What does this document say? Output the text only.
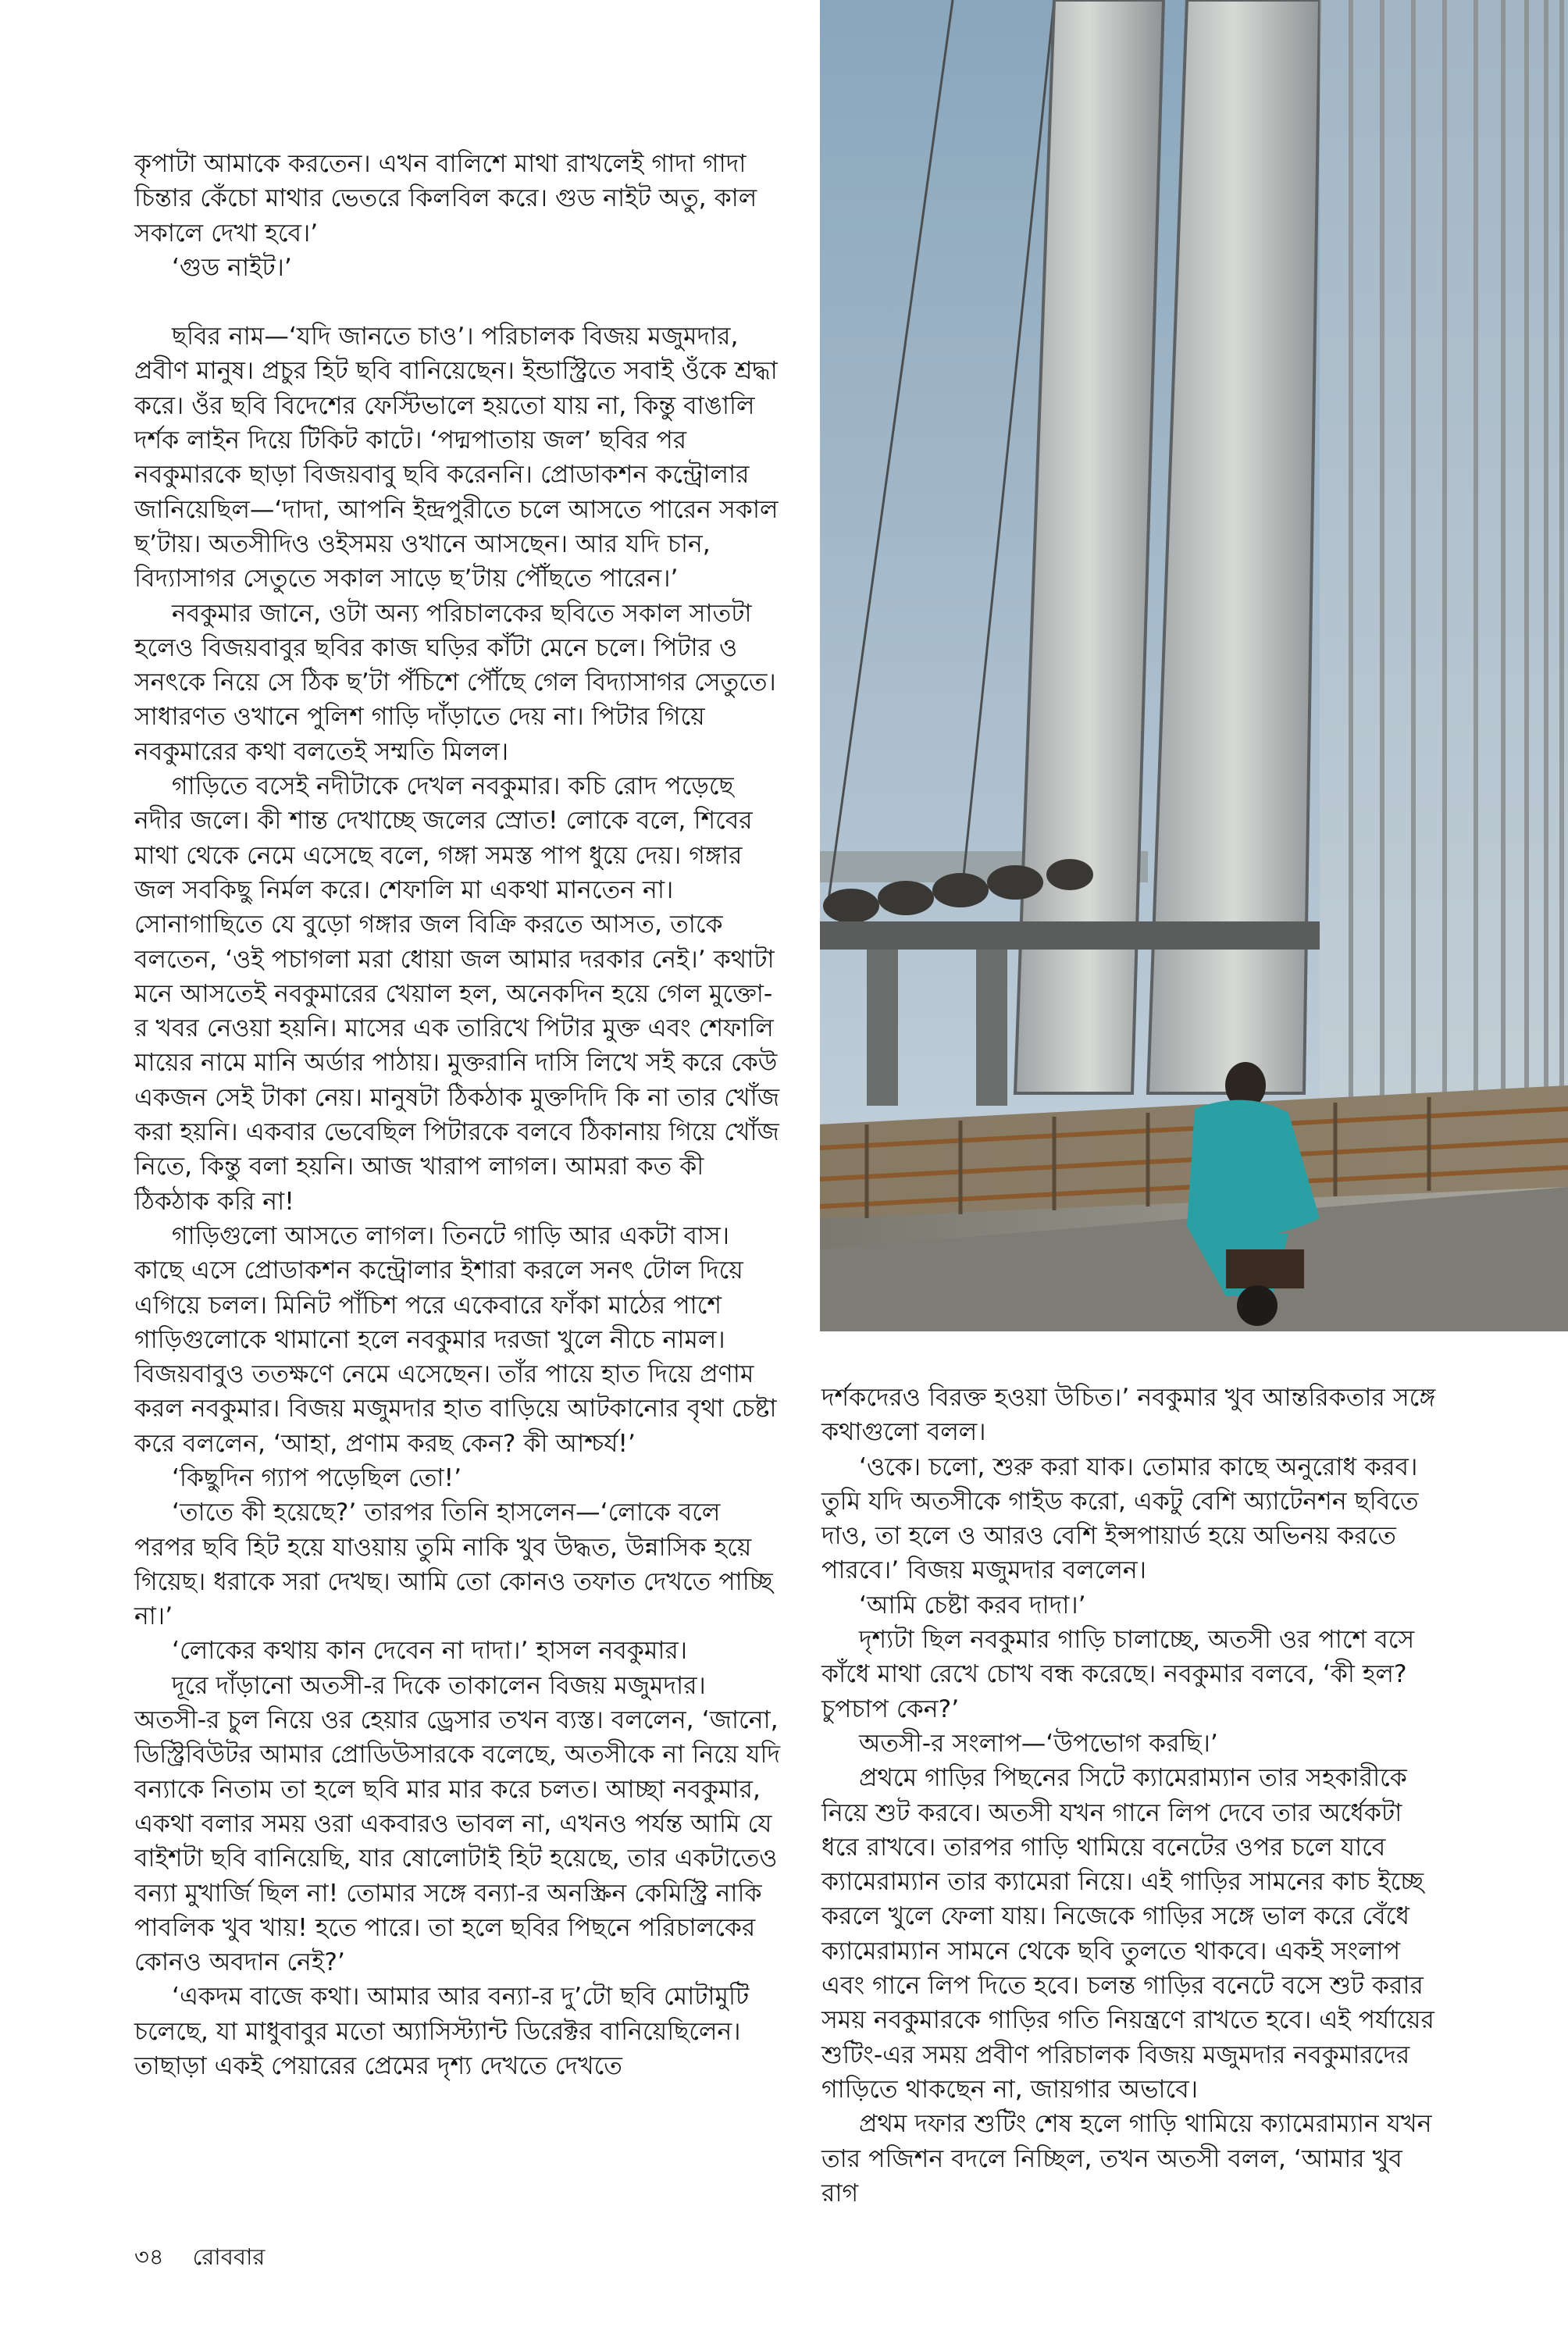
কৃপাটা আমাকে করতেন। এখন বালিশে মাথা রাখলেই গাদা গাদা চিন্তার কেঁচো মাথার ভেতরে কিলবিল করে। গুড নাইট অতু, কাল সকালে দেখা হবে।’

‘গুড নাইট।’

ছবির নাম—‘যদি জানতে চাও’। পরিচালক বিজয় মজুমদার, প্রবীণ মানুষ। প্রচুর হিট ছবি বানিয়েছেন। ইন্ডাস্ট্রিতে সবাই ওঁকে শ্রদ্ধা করে। ওঁর ছবি বিদেশের ফেস্টিভালে হয়তো যায় না, কিন্তু বাঙালি দর্শক লাইন দিয়ে টিকিট কাটে। ‘পদ্মপাতায় জল’ ছবির পর নবকুমারকে ছাড়া বিজয়বাবু ছবি করেননি। প্রোডাকশন কন্ট্রোলার জানিয়েছিল—‘দাদা, আপনি ইন্দ্রপুরীতে চলে আসতে পারেন সকাল ছ’টায়। অতসীদিও ওইসময় ওখানে আসছেন। আর যদি চান, বিদ্যাসাগর সেতুতে সকাল সাড়ে ছ’টায় পৌঁছতে পারেন।’

নবকুমার জানে, ওটা অন্য পরিচালকের ছবিতে সকাল সাতটা হলেও বিজয়বাবুর ছবির কাজ ঘড়ির কাঁটা মেনে চলে। পিটার ও সনৎকে নিয়ে সে ঠিক ছ’টা পঁচিশে পৌঁছে গেল বিদ্যাসাগর সেতুতে। সাধারণত ওখানে পুলিশ গাড়ি দাঁড়াতে দেয় না। পিটার গিয়ে নবকুমারের কথা বলতেই সম্মতি মিলল।

গাড়িতে বসেই নদীটাকে দেখল নবকুমার। কচি রোদ পড়েছে নদীর জলে। কী শান্ত দেখাচ্ছে জলের স্রোত! লোকে বলে, শিবের মাথা থেকে নেমে এসেছে বলে, গঙ্গা সমস্ত পাপ ধুয়ে দেয়। গঙ্গার জল সবকিছু নির্মল করে। শেফালি মা একথা মানতেন না। সোনাগাছিতে যে বুড়ো গঙ্গার জল বিক্রি করতে আসত, তাকে বলতেন, ‘ওই পচাগলা মরা ধোয়া জল আমার দরকার নেই।’ কথাটা মনে আসতেই নবকুমারের খেয়াল হল, অনেকদিন হয়ে গেল মুক্তো-র খবর নেওয়া হয়নি। মাসের এক তারিখে পিটার মুক্ত এবং শেফালি মায়ের নামে মানি অর্ডার পাঠায়। মুক্তরানি দাসি লিখে সই করে কেউ একজন সেই টাকা নেয়। মানুষটা ঠিকঠাক মুক্তদিদি কি না তার খোঁজ করা হয়নি। একবার ভেবেছিল পিটারকে বলবে ঠিকানায় গিয়ে খোঁজ নিতে, কিন্তু বলা হয়নি। আজ খারাপ লাগল। আমরা কত কী ঠিকঠাক করি না!

গাড়িগুলো আসতে লাগল। তিনটে গাড়ি আর একটা বাস। কাছে এসে প্রোডাকশন কন্ট্রোলার ইশারা করলে সনৎ টোল দিয়ে এগিয়ে চলল। মিনিট পাঁচিশ পরে একেবারে ফাঁকা মাঠের পাশে গাড়িগুলোকে থামানো হলে নবকুমার দরজা খুলে নীচে নামল। বিজয়বাবুও ততক্ষণে নেমে এসেছেন। তাঁর পায়ে হাত দিয়ে প্রণাম করল নবকুমার। বিজয় মজুমদার হাত বাড়িয়ে আটকানোর বৃথা চেষ্টা করে বললেন, ‘আহা, প্রণাম করছ কেন? কী আশ্চর্য!’

‘কিছুদিন গ্যাপ পড়েছিল তো!’

‘তাতে কী হয়েছে?’ তারপর তিনি হাসলেন—‘লোকে বলে পরপর ছবি হিট হয়ে যাওয়ায় তুমি নাকি খুব উদ্ধত, উন্নাসিক হয়ে গিয়েছ। ধরাকে সরা দেখছ। আমি তো কোনও তফাত দেখতে পাচ্ছি না।’

‘লোকের কথায় কান দেবেন না দাদা।’ হাসল নবকুমার।

দূরে দাঁড়ানো অতসী-র দিকে তাকালেন বিজয় মজুমদার। অতসী-র চুল নিয়ে ওর হেয়ার ড্রেসার তখন ব্যস্ত। বললেন, ‘জানো, ডিস্ট্রিবিউটর আমার প্রোডিউসারকে বলেছে, অতসীকে না নিয়ে যদি বন্যাকে নিতাম তা হলে ছবি মার মার করে চলত। আচ্ছা নবকুমার, একথা বলার সময় ওরা একবারও ভাবল না, এখনও পর্যন্ত আমি যে বাইশটা ছবি বানিয়েছি, যার ষোলোটাই হিট হয়েছে, তার একটাতেও বন্যা মুখার্জি ছিল না! তোমার সঙ্গে বন্যা-র অনস্ক্রিন কেমিস্ট্রি নাকি পাবলিক খুব খায়! হতে পারে। তা হলে ছবির পিছনে পরিচালকের কোনও অবদান নেই?’

‘একদম বাজে কথা। আমার আর বন্যা-র দু’টো ছবি মোটামুটি চলেছে, যা মাধুবাবুর মতো অ্যাসিস্ট্যান্ট ডিরেক্টর বানিয়েছিলেন। তাছাড়া একই পেয়ারের প্রেমের দৃশ্য দেখতে দেখতে

দর্শকদেরও বিরক্ত হওয়া উচিত।’ নবকুমার খুব আন্তরিকতার সঙ্গে কথাগুলো বলল।

‘ওকে। চলো, শুরু করা যাক। তোমার কাছে অনুরোধ করব। তুমি যদি অতসীকে গাইড করো, একটু বেশি অ্যাটেনশন ছবিতে দাও, তা হলে ও আরও বেশি ইন্সপায়ার্ড হয়ে অভিনয় করতে পারবে।’ বিজয় মজুমদার বললেন।

‘আমি চেষ্টা করব দাদা।’

দৃশ্যটা ছিল নবকুমার গাড়ি চালাচ্ছে, অতসী ওর পাশে বসে কাঁধে মাথা রেখে চোখ বন্ধ করেছে। নবকুমার বলবে, ‘কী হল? চুপচাপ কেন?’

অতসী-র সংলাপ—‘উপভোগ করছি।’

প্রথমে গাড়ির পিছনের সিটে ক্যামেরাম্যান তার সহকারীকে নিয়ে শুট করবে। অতসী যখন গানে লিপ দেবে তার অর্ধেকটা ধরে রাখবে। তারপর গাড়ি থামিয়ে বনেটের ওপর চলে যাবে ক্যামেরাম্যান তার ক্যামেরা নিয়ে। এই গাড়ির সামনের কাচ ইচ্ছে করলে খুলে ফেলা যায়। নিজেকে গাড়ির সঙ্গে ভাল করে বেঁধে ক্যামেরাম্যান সামনে থেকে ছবি তুলতে থাকবে। একই সংলাপ এবং গানে লিপ দিতে হবে। চলন্ত গাড়ির বনেটে বসে শুট করার সময় নবকুমারকে গাড়ির গতি নিয়ন্ত্রণে রাখতে হবে। এই পর্যায়ের শুটিং-এর সময় প্রবীণ পরিচালক বিজয় মজুমদার নবকুমারদের গাড়িতে থাকছেন না, জায়গার অভাবে।

প্রথম দফার শুটিং শেষ হলে গাড়ি থামিয়ে ক্যামেরাম্যান যখন তার পজিশন বদলে নিচ্ছিল, তখন অতসী বলল, ‘আমার খুব রাগ

৩৪ রোববার
